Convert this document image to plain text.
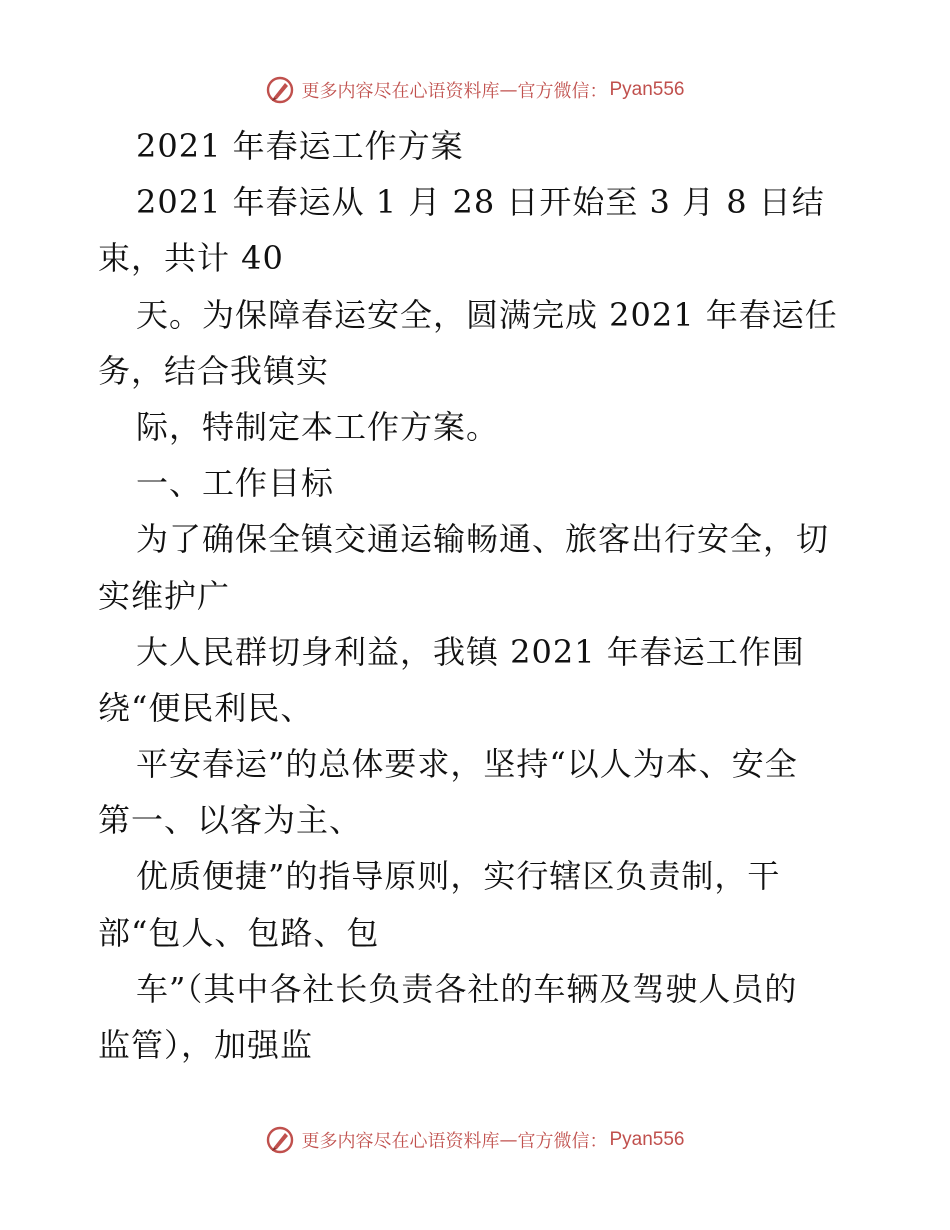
更多内容尽在心语资料库 — 官方微信： Pyan556
2021 年春运工作方案
2021 年春运从 1 月 28 日开始至 3 月 8 日结
束，共计 40
天。为保障春运安全，圆满完成 2021 年春运任
务，结合我镇实
际，特制定本工作方案。
一、工作目标
为了确保全镇交通运输畅通、旅客出行安全，切
实维护广
大人民群切身利益，我镇 2021 年春运工作围
绕“便民利民、
平安春运”的总体要求，坚持“以人为本、安全
第一、以客为主、
优质便捷”的指导原则，实行辖区负责制，干
部“包人、包路、包
车”（其中各社长负责各社的车辆及驾驶人员的
监管），加强监
更多内容尽在心语资料库 — 官方微信： Pyan556
